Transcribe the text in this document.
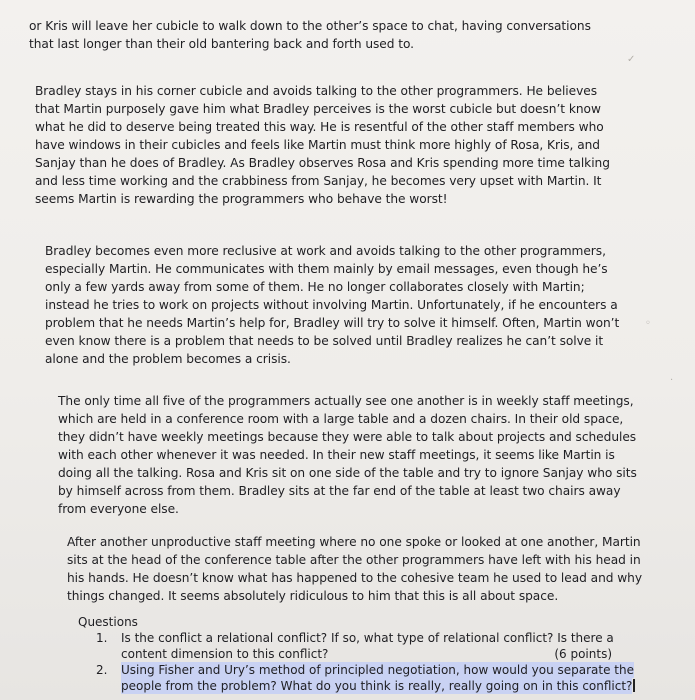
or Kris will leave her cubicle to walk down to the other’s space to chat, having conversations
that last longer than their old bantering back and forth used to.

Bradley stays in his corner cubicle and avoids talking to the other programmers. He believes
that Martin purposely gave him what Bradley perceives is the worst cubicle but doesn’t know
what he did to deserve being treated this way. He is resentful of the other staff members who
have windows in their cubicles and feels like Martin must think more highly of Rosa, Kris, and
Sanjay than he does of Bradley. As Bradley observes Rosa and Kris spending more time talking
and less time working and the crabbiness from Sanjay, he becomes very upset with Martin. It
seems Martin is rewarding the programmers who behave the worst!

Bradley becomes even more reclusive at work and avoids talking to the other programmers,
especially Martin. He communicates with them mainly by email messages, even though he’s
only a few yards away from some of them. He no longer collaborates closely with Martin;
instead he tries to work on projects without involving Martin. Unfortunately, if he encounters a
problem that he needs Martin’s help for, Bradley will try to solve it himself. Often, Martin won’t
even know there is a problem that needs to be solved until Bradley realizes he can’t solve it
alone and the problem becomes a crisis.

The only time all five of the programmers actually see one another is in weekly staff meetings,
which are held in a conference room with a large table and a dozen chairs. In their old space,
they didn’t have weekly meetings because they were able to talk about projects and schedules
with each other whenever it was needed. In their new staff meetings, it seems like Martin is
doing all the talking. Rosa and Kris sit on one side of the table and try to ignore Sanjay who sits
by himself across from them. Bradley sits at the far end of the table at least two chairs away
from everyone else.

After another unproductive staff meeting where no one spoke or looked at one another, Martin
sits at the head of the conference table after the other programmers have left with his head in
his hands. He doesn’t know what has happened to the cohesive team he used to lead and why
things changed. It seems absolutely ridiculous to him that this is all about space.

Questions
1. Is the conflict a relational conflict? If so, what type of relational conflict? Is there a
content dimension to this conflict?	(6 points)
2. Using Fisher and Ury’s method of principled negotiation, how would you separate the
people from the problem? What do you think is really, really going on in this conflict?
✓
◦
·
